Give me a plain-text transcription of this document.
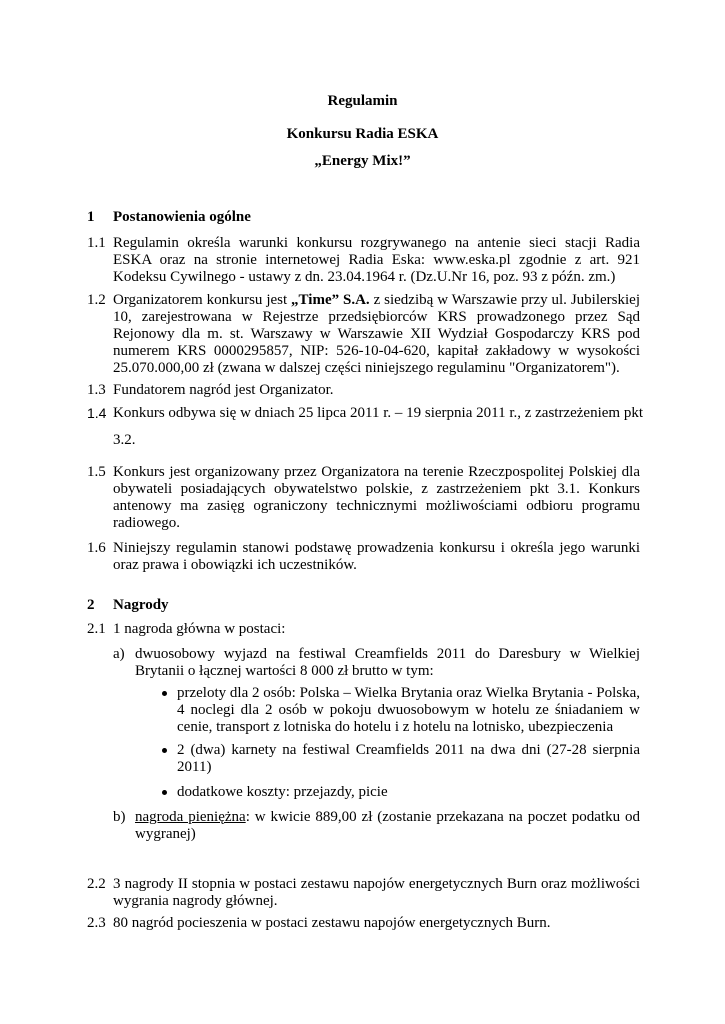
Regulamin
Konkursu Radia ESKA
„Energy Mix!”
1 Postanowienia ogólne
1.1 Regulamin określa warunki konkursu rozgrywanego na antenie sieci stacji Radia ESKA oraz na stronie internetowej Radia Eska: www.eska.pl zgodnie z art. 921 Kodeksu Cywilnego - ustawy z dn. 23.04.1964 r. (Dz.U.Nr 16, poz. 93 z późn. zm.)
1.2 Organizatorem konkursu jest „Time” S.A. z siedzibą w Warszawie przy ul. Jubilerskiej 10, zarejestrowana w Rejestrze przedsiębiorców KRS prowadzonego przez Sąd Rejonowy dla m. st. Warszawy w Warszawie XII Wydział Gospodarczy KRS pod numerem KRS 0000295857, NIP: 526-10-04-620, kapitał zakładowy w wysokości 25.070.000,00 zł (zwana w dalszej części niniejszego regulaminu "Organizatorem").
1.3 Fundatorem nagród jest Organizator.
1.4 Konkurs odbywa się w dniach 25 lipca 2011 r. – 19 sierpnia 2011 r., z zastrzeżeniem pkt
3.2.
1.5 Konkurs jest organizowany przez Organizatora na terenie Rzeczpospolitej Polskiej dla obywateli posiadających obywatelstwo polskie, z zastrzeżeniem pkt 3.1. Konkurs antenowy ma zasięg ograniczony technicznymi możliwościami odbioru programu radiowego.
1.6 Niniejszy regulamin stanowi podstawę prowadzenia konkursu i określa jego warunki oraz prawa i obowiązki ich uczestników.
2 Nagrody
2.1 1 nagroda główna w postaci:
a) dwuosobowy wyjazd na festiwal Creamfields 2011 do Daresbury w Wielkiej Brytanii o łącznej wartości 8 000 zł brutto w tym:
przeloty dla 2 osób: Polska – Wielka Brytania oraz Wielka Brytania - Polska, 4 noclegi dla 2 osób w pokoju dwuosobowym w hotelu ze śniadaniem w cenie, transport z lotniska do hotelu i z hotelu na lotnisko, ubezpieczenia
2 (dwa) karnety na festiwal Creamfields 2011 na dwa dni (27-28 sierpnia 2011)
dodatkowe koszty: przejazdy, picie
b) nagroda pieniężna: w kwicie 889,00 zł (zostanie przekazana na poczet podatku od wygranej)
2.2 3 nagrody II stopnia w postaci zestawu napojów energetycznych Burn oraz możliwości wygrania nagrody głównej.
2.3 80 nagród pocieszenia w postaci zestawu napojów energetycznych Burn.
